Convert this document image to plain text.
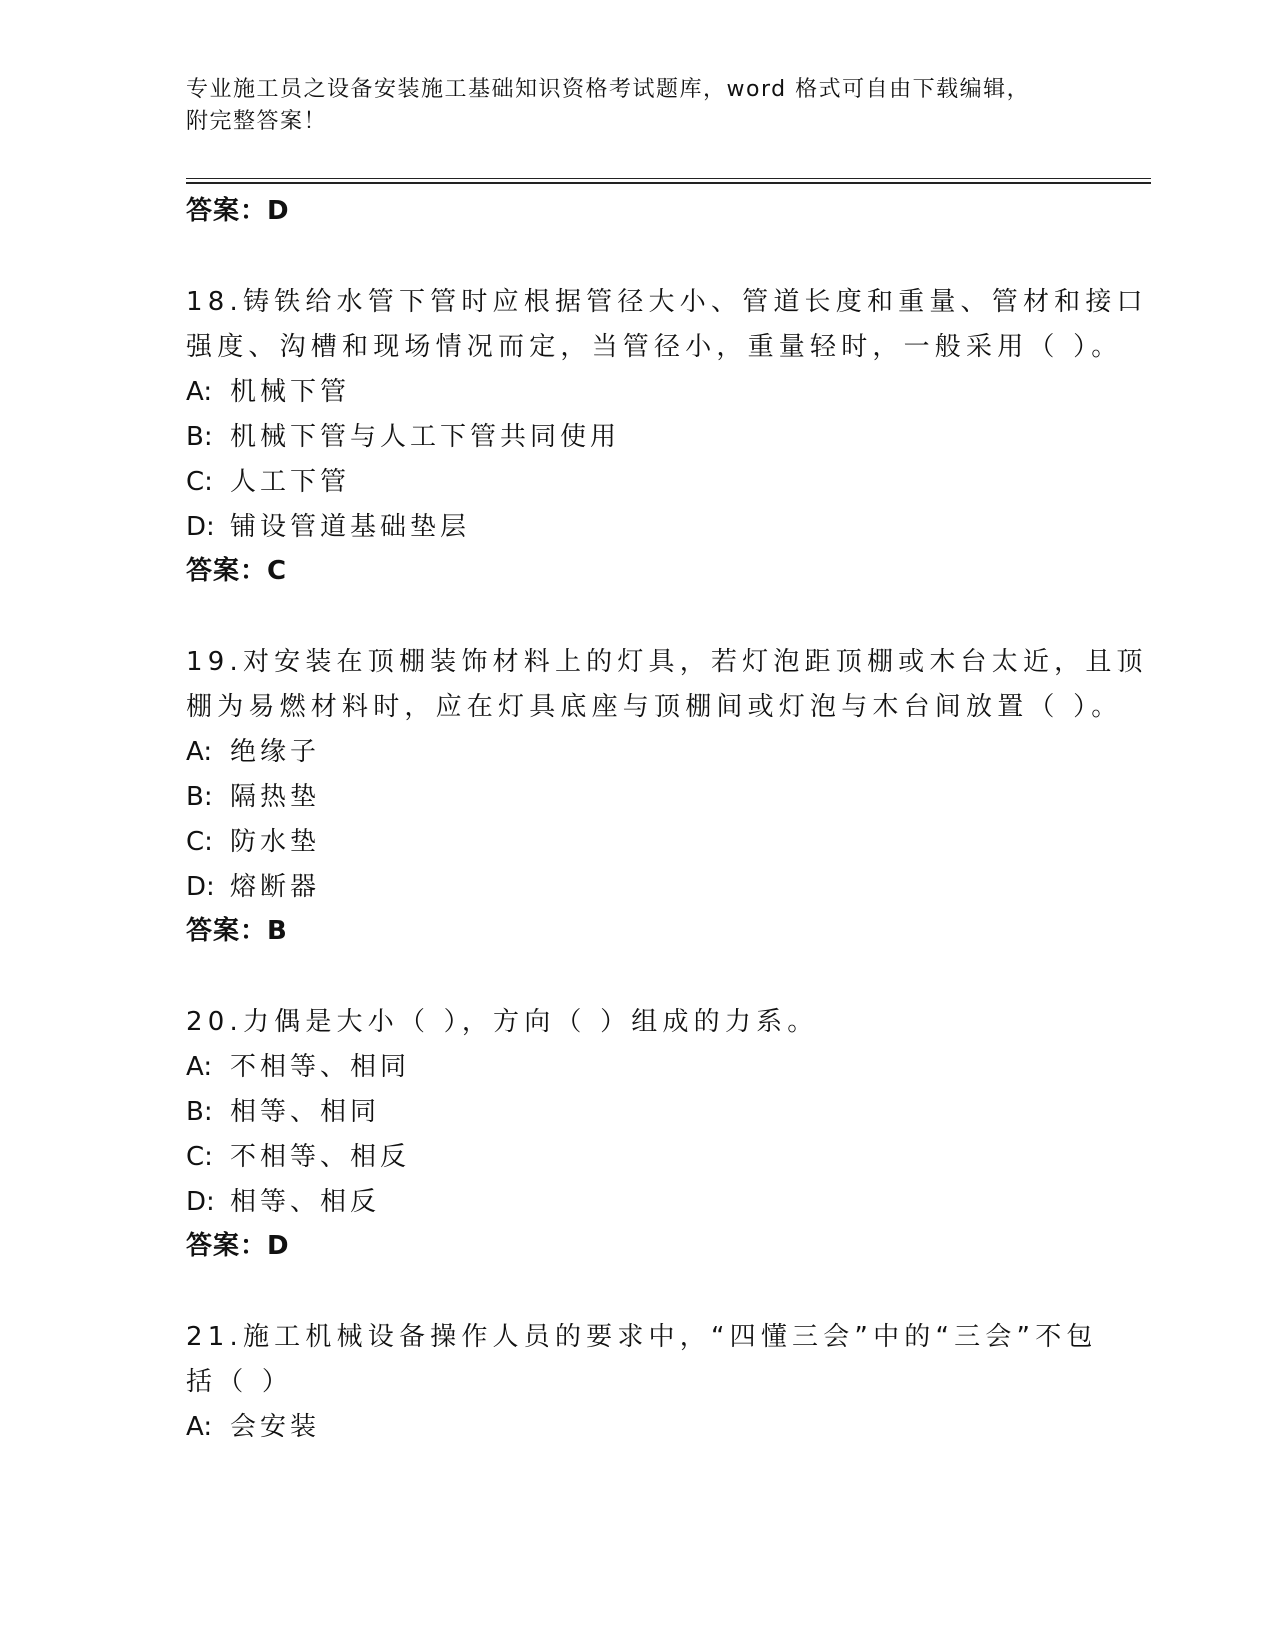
专业施工员之设备安装施工基础知识资格考试题库，word 格式可自由下载编辑，
附完整答案！
答案：D
18.铸铁给水管下管时应根据管径大小、管道长度和重量、管材和接口
强度、沟槽和现场情况而定，当管径小，重量轻时，一般采用（ ）。
A: 机械下管
B: 机械下管与人工下管共同使用
C: 人工下管
D: 铺设管道基础垫层
答案：C
19.对安装在顶棚装饰材料上的灯具，若灯泡距顶棚或木台太近，且顶
棚为易燃材料时，应在灯具底座与顶棚间或灯泡与木台间放置（ ）。
A: 绝缘子
B: 隔热垫
C: 防水垫
D: 熔断器
答案：B
20.力偶是大小（ ），方向（ ）组成的力系。
A: 不相等、相同
B: 相等、相同
C: 不相等、相反
D: 相等、相反
答案：D
21.施工机械设备操作人员的要求中，“四懂三会”中的“三会”不包
括（ ）
A: 会安装
